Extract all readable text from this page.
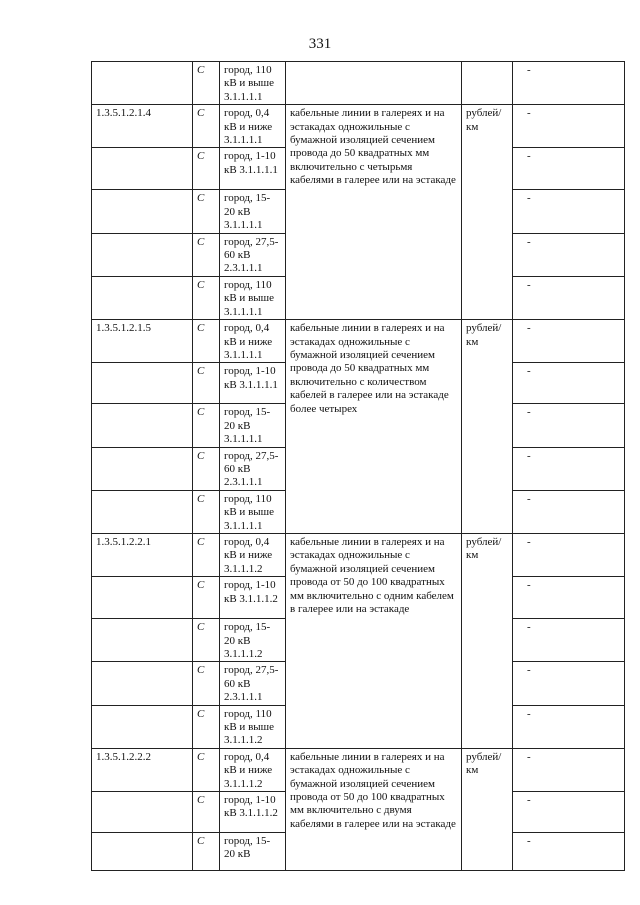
331
	С	город, 110 кВ и выше 3.1.1.1.1			-
1.3.5.1.2.1.4	С	город, 0,4 кВ и ниже 3.1.1.1.1	кабельные линии в галереях и на эстакадах одножильные с бумажной изоляцией сечением провода до 50 квадратных мм включительно с четырьмя кабелями в галерее или на эстакаде	рублей/ км	-
	С	город, 1-10 кВ 3.1.1.1.1			-
	С	город, 15-20 кВ 3.1.1.1.1			-
	С	город, 27,5-60 кВ 2.3.1.1.1			-
	С	город, 110 кВ и выше 3.1.1.1.1			-
1.3.5.1.2.1.5	С	город, 0,4 кВ и ниже 3.1.1.1.1	кабельные линии в галереях и на эстакадах одножильные с бумажной изоляцией сечением провода до 50 квадратных мм включительно с количеством кабелей в галерее или на эстакаде более четырех	рублей/ км	-
	С	город, 1-10 кВ 3.1.1.1.1			-
	С	город, 15-20 кВ 3.1.1.1.1			-
	С	город, 27,5-60 кВ 2.3.1.1.1			-
	С	город, 110 кВ и выше 3.1.1.1.1			-
1.3.5.1.2.2.1	С	город, 0,4 кВ и ниже 3.1.1.1.2	кабельные линии в галереях и на эстакадах одножильные с бумажной изоляцией сечением провода от 50 до 100 квадратных мм включительно с одним кабелем в галерее или на эстакаде	рублей/ км	-
	С	город, 1-10 кВ 3.1.1.1.2			-
	С	город, 15-20 кВ 3.1.1.1.2			-
	С	город, 27,5-60 кВ 2.3.1.1.1			-
	С	город, 110 кВ и выше 3.1.1.1.2			-
1.3.5.1.2.2.2	С	город, 0,4 кВ и ниже 3.1.1.1.2	кабельные линии в галереях и на эстакадах одножильные с бумажной изоляцией сечением провода от 50 до 100 квадратных мм включительно с двумя кабелями в галерее или на эстакаде	рублей/ км	-
	С	город, 1-10 кВ 3.1.1.1.2			-
	С	город, 15-20 кВ			-
